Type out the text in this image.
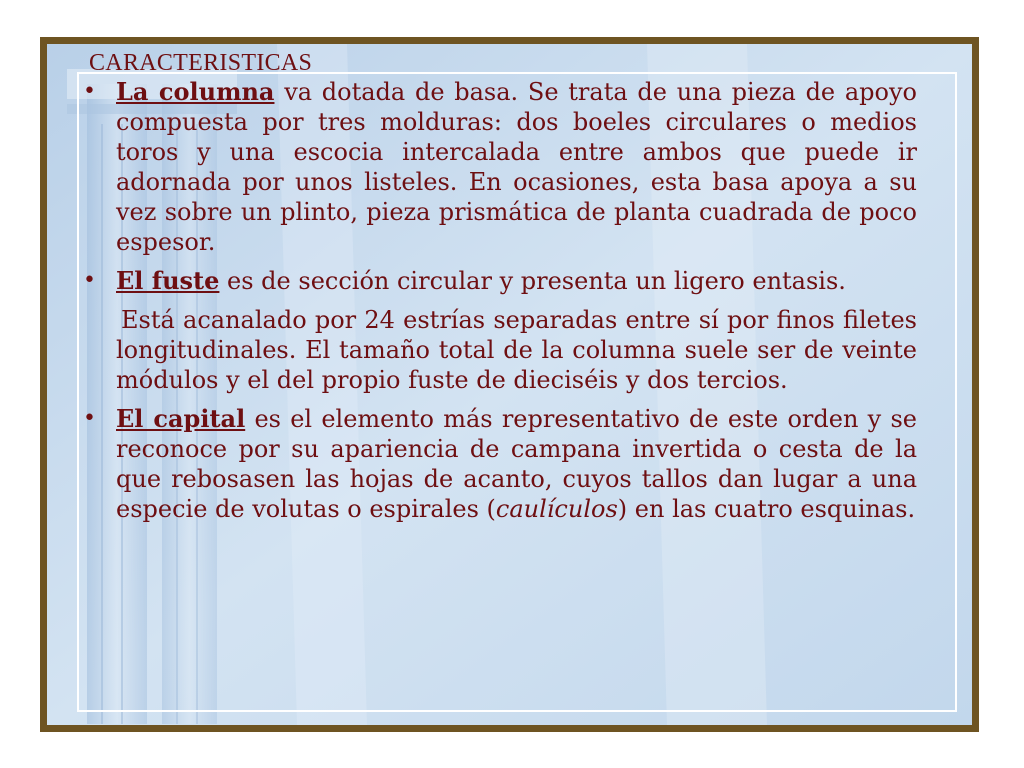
CARACTERISTICAS

• La columna va dotada de basa. Se trata de una pieza de apoyo compuesta por tres molduras: dos boeles circulares o medios toros y una escocia intercalada entre ambos que puede ir adornada por unos listeles. En ocasiones, esta basa apoya a su vez sobre un plinto, pieza prismática de planta cuadrada de poco espesor.

• El fuste es de sección circular y presenta un ligero entasis.

Está acanalado por 24 estrías separadas entre sí por finos filetes longitudinales. El tamaño total de la columna suele ser de veinte módulos y el del propio fuste de dieciséis y dos tercios.

• El capital es el elemento más representativo de este orden y se reconoce por su apariencia de campana invertida o cesta de la que rebosasen las hojas de acanto, cuyos tallos dan lugar a una especie de volutas o espirales (caulículos) en las cuatro esquinas.
